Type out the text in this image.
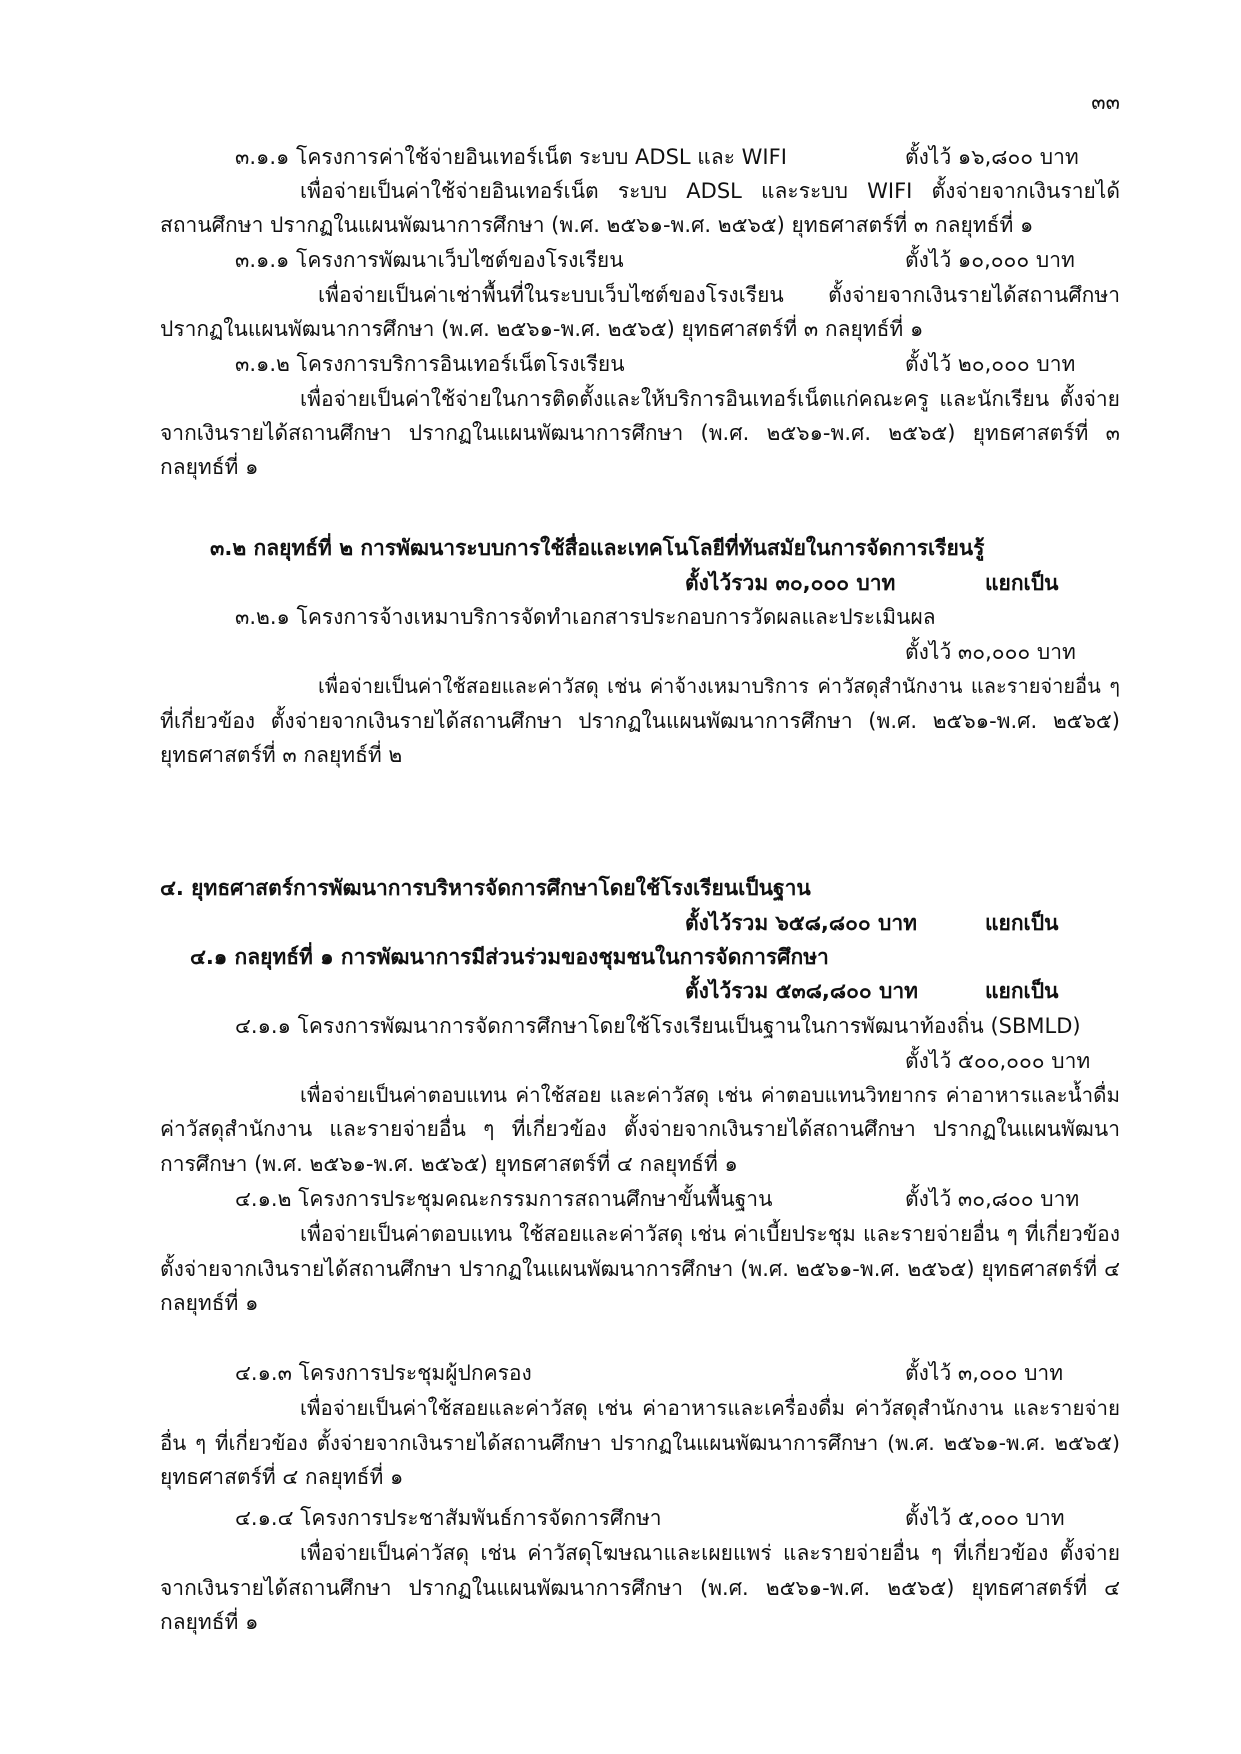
๓๓
๓.๑.๑ โครงการค่าใช้จ่ายอินเทอร์เน็ต ระบบ ADSL และ WIFI	ตั้งไว้ ๑๖,๘๐๐ บาท
เพื่อจ่ายเป็นค่าใช้จ่ายอินเทอร์เน็ต ระบบ ADSL และระบบ WIFI ตั้งจ่ายจากเงินรายได้
สถานศึกษา ปรากฏในแผนพัฒนาการศึกษา (พ.ศ. ๒๕๖๑-พ.ศ. ๒๕๖๕) ยุทธศาสตร์ที่ ๓ กลยุทธ์ที่ ๑
๓.๑.๑ โครงการพัฒนาเว็บไซต์ของโรงเรียน	ตั้งไว้ ๑๐,๐๐๐ บาท
เพื่อจ่ายเป็นค่าเช่าพื้นที่ในระบบเว็บไซต์ของโรงเรียน ตั้งจ่ายจากเงินรายได้สถานศึกษา
ปรากฏในแผนพัฒนาการศึกษา (พ.ศ. ๒๕๖๑-พ.ศ. ๒๕๖๕) ยุทธศาสตร์ที่ ๓ กลยุทธ์ที่ ๑
๓.๑.๒ โครงการบริการอินเทอร์เน็ตโรงเรียน	ตั้งไว้ ๒๐,๐๐๐ บาท
เพื่อจ่ายเป็นค่าใช้จ่ายในการติดตั้งและให้บริการอินเทอร์เน็ตแก่คณะครู และนักเรียน ตั้งจ่าย
จากเงินรายได้สถานศึกษา ปรากฏในแผนพัฒนาการศึกษา (พ.ศ. ๒๕๖๑-พ.ศ. ๒๕๖๕) ยุทธศาสตร์ที่ ๓
กลยุทธ์ที่ ๑
๓.๒ กลยุทธ์ที่ ๒ การพัฒนาระบบการใช้สื่อและเทคโนโลยีที่ทันสมัยในการจัดการเรียนรู้
ตั้งไว้รวม ๓๐,๐๐๐ บาท	แยกเป็น
๓.๒.๑ โครงการจ้างเหมาบริการจัดทำเอกสารประกอบการวัดผลและประเมินผล
ตั้งไว้ ๓๐,๐๐๐ บาท
เพื่อจ่ายเป็นค่าใช้สอยและค่าวัสดุ เช่น ค่าจ้างเหมาบริการ ค่าวัสดุสำนักงาน และรายจ่ายอื่น ๆ
ที่เกี่ยวข้อง ตั้งจ่ายจากเงินรายได้สถานศึกษา ปรากฏในแผนพัฒนาการศึกษา (พ.ศ. ๒๕๖๑-พ.ศ. ๒๕๖๕)
ยุทธศาสตร์ที่ ๓ กลยุทธ์ที่ ๒
๔. ยุทธศาสตร์การพัฒนาการบริหารจัดการศึกษาโดยใช้โรงเรียนเป็นฐาน
ตั้งไว้รวม ๖๕๘,๘๐๐ บาท	แยกเป็น
๔.๑ กลยุทธ์ที่ ๑ การพัฒนาการมีส่วนร่วมของชุมชนในการจัดการศึกษา
ตั้งไว้รวม ๕๓๘,๘๐๐ บาท	แยกเป็น
๔.๑.๑ โครงการพัฒนาการจัดการศึกษาโดยใช้โรงเรียนเป็นฐานในการพัฒนาท้องถิ่น (SBMLD)
ตั้งไว้ ๕๐๐,๐๐๐ บาท
เพื่อจ่ายเป็นค่าตอบแทน ค่าใช้สอย และค่าวัสดุ เช่น ค่าตอบแทนวิทยากร ค่าอาหารและน้ำดื่ม
ค่าวัสดุสำนักงาน และรายจ่ายอื่น ๆ ที่เกี่ยวข้อง ตั้งจ่ายจากเงินรายได้สถานศึกษา ปรากฏในแผนพัฒนา
การศึกษา (พ.ศ. ๒๕๖๑-พ.ศ. ๒๕๖๕) ยุทธศาสตร์ที่ ๔ กลยุทธ์ที่ ๑
๔.๑.๒ โครงการประชุมคณะกรรมการสถานศึกษาขั้นพื้นฐาน	ตั้งไว้ ๓๐,๘๐๐ บาท
เพื่อจ่ายเป็นค่าตอบแทน ใช้สอยและค่าวัสดุ เช่น ค่าเบี้ยประชุม และรายจ่ายอื่น ๆ ที่เกี่ยวข้อง
ตั้งจ่ายจากเงินรายได้สถานศึกษา ปรากฏในแผนพัฒนาการศึกษา (พ.ศ. ๒๕๖๑-พ.ศ. ๒๕๖๕) ยุทธศาสตร์ที่ ๔
กลยุทธ์ที่ ๑
๔.๑.๓ โครงการประชุมผู้ปกครอง	ตั้งไว้ ๓,๐๐๐ บาท
เพื่อจ่ายเป็นค่าใช้สอยและค่าวัสดุ เช่น ค่าอาหารและเครื่องดื่ม ค่าวัสดุสำนักงาน และรายจ่าย
อื่น ๆ ที่เกี่ยวข้อง ตั้งจ่ายจากเงินรายได้สถานศึกษา ปรากฏในแผนพัฒนาการศึกษา (พ.ศ. ๒๕๖๑-พ.ศ. ๒๕๖๕)
ยุทธศาสตร์ที่ ๔ กลยุทธ์ที่ ๑
๔.๑.๔ โครงการประชาสัมพันธ์การจัดการศึกษา	ตั้งไว้ ๕,๐๐๐ บาท
เพื่อจ่ายเป็นค่าวัสดุ เช่น ค่าวัสดุโฆษณาและเผยแพร่ และรายจ่ายอื่น ๆ ที่เกี่ยวข้อง ตั้งจ่าย
จากเงินรายได้สถานศึกษา ปรากฏในแผนพัฒนาการศึกษา (พ.ศ. ๒๕๖๑-พ.ศ. ๒๕๖๕) ยุทธศาสตร์ที่ ๔
กลยุทธ์ที่ ๑
